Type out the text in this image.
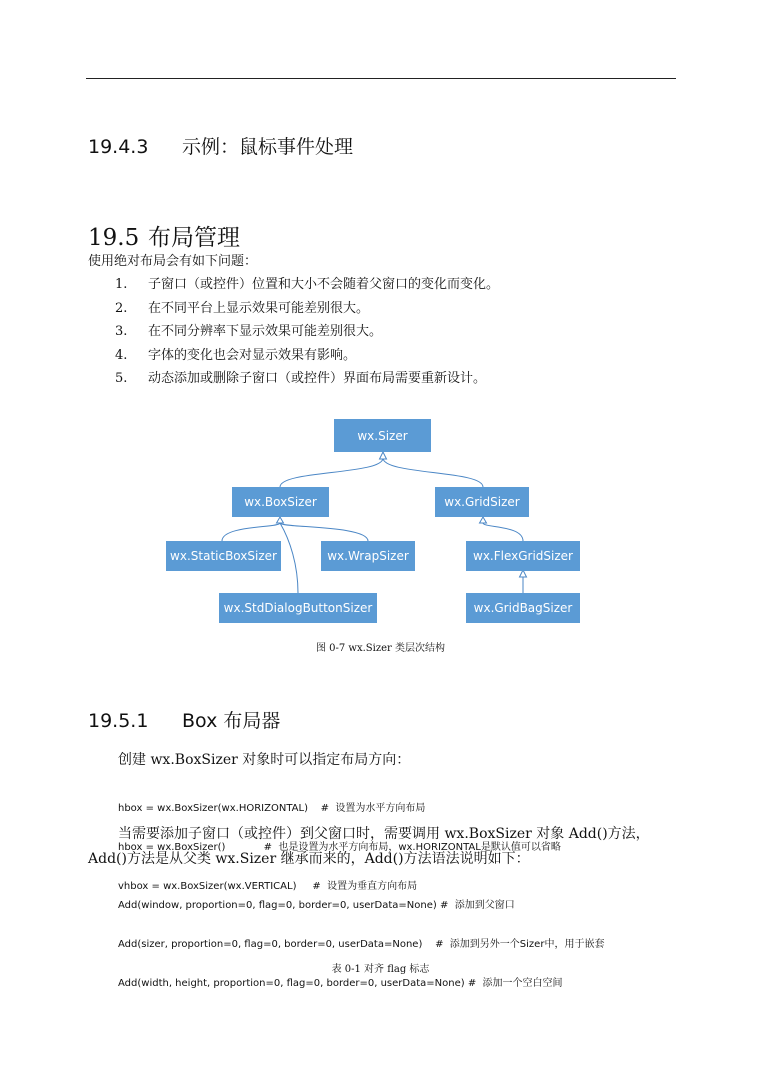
19.4.3 示例：鼠标事件处理
19.5 布局管理
使用绝对布局会有如下问题：
1. 子窗口（或控件）位置和大小不会随着父窗口的变化而变化。
2. 在不同平台上显示效果可能差别很大。
3. 在不同分辨率下显示效果可能差别很大。
4. 字体的变化也会对显示效果有影响。
5. 动态添加或删除子窗口（或控件）界面布局需要重新设计。
wx.Sizer
wx.BoxSizer	wx.GridSizer
wx.StaticBoxSizer	wx.WrapSizer	wx.FlexGridSizer
wx.StdDialogButtonSizer	wx.GridBagSizer
图 0-7 wx.Sizer 类层次结构
19.5.1 Box 布局器
创建 wx.BoxSizer 对象时可以指定布局方向：

hbox = wx.BoxSizer(wx.HORIZONTAL)    #  设置为水平方向布局

hbox = wx.BoxSizer()            #  也是设置为水平方向布局，wx.HORIZONTAL是默认值可以省略

vhbox = wx.BoxSizer(wx.VERTICAL)     #  设置为垂直方向布局

当需要添加子窗口（或控件）到父窗口时，需要调用 wx.BoxSizer 对象 Add()方法，
Add()方法是从父类 wx.Sizer 继承而来的，Add()方法语法说明如下：

Add(window, proportion=0, flag=0, border=0, userData=None) #  添加到父窗口

Add(sizer, proportion=0, flag=0, border=0, userData=None)    #  添加到另外一个Sizer中，用于嵌套

Add(width, height, proportion=0, flag=0, border=0, userData=None) #  添加一个空白空间

表 0-1 对齐 flag 标志
